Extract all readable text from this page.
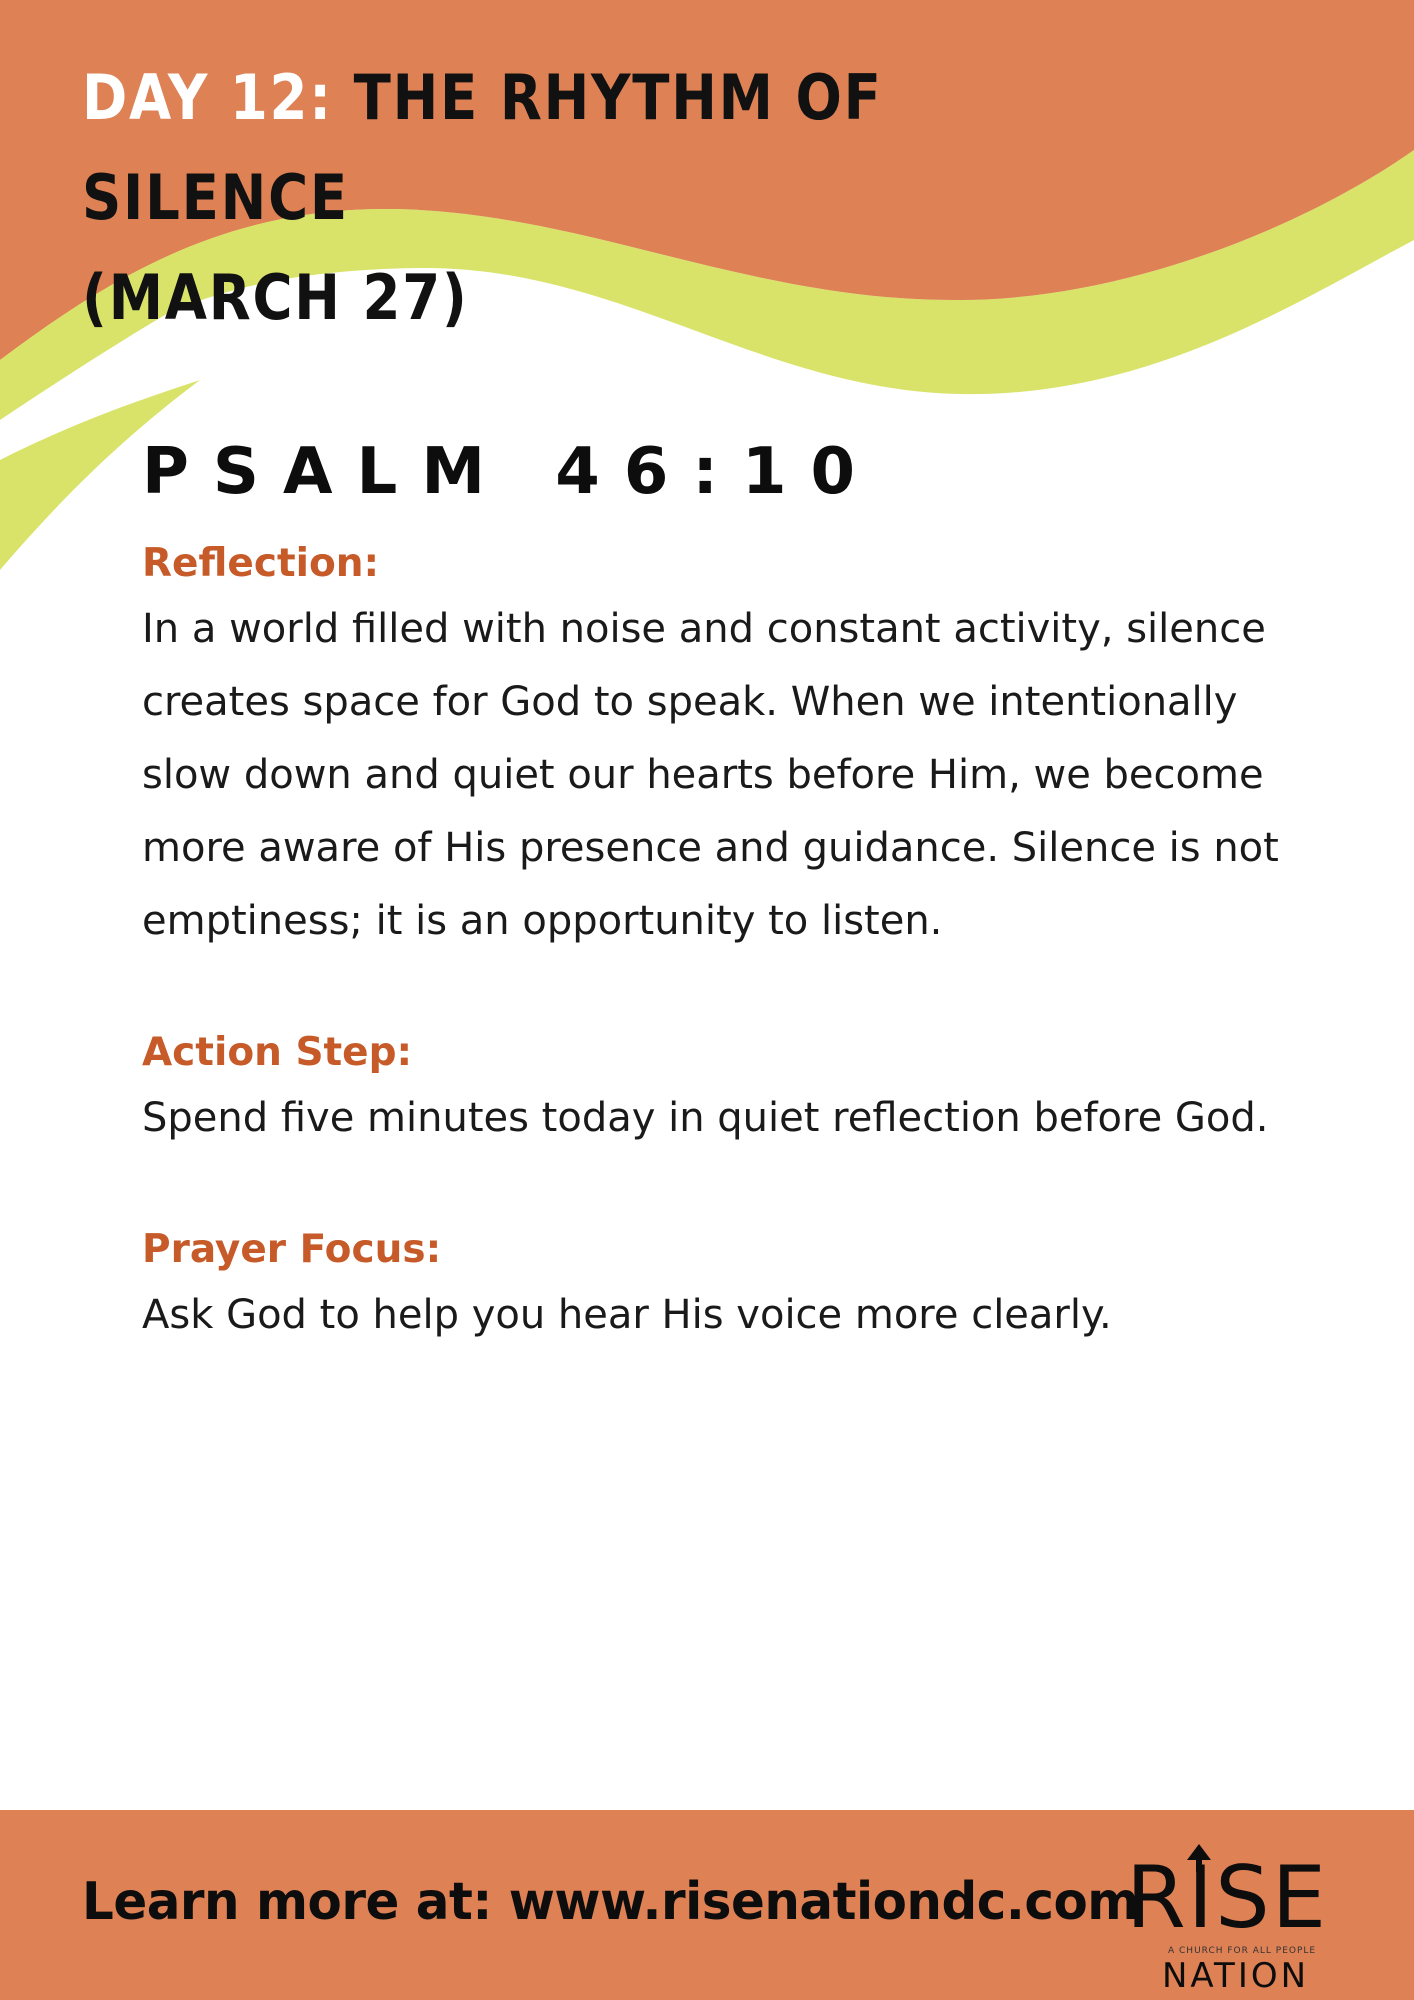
DAY 12: THE RHYTHM OF SILENCE
(MARCH 27)
PSALM 46:10

Reflection:

In a world filled with noise and constant activity, silence creates space for God to speak. When we intentionally slow down and quiet our hearts before Him, we become more aware of His presence and guidance. Silence is not emptiness; it is an opportunity to listen.

Action Step:

Spend five minutes today in quiet reflection before God.

Prayer Focus:

Ask God to help you hear His voice more clearly.

Learn more at: www.risenationdc.com

RISE

A CHURCH FOR ALL PEOPLE

NATION
